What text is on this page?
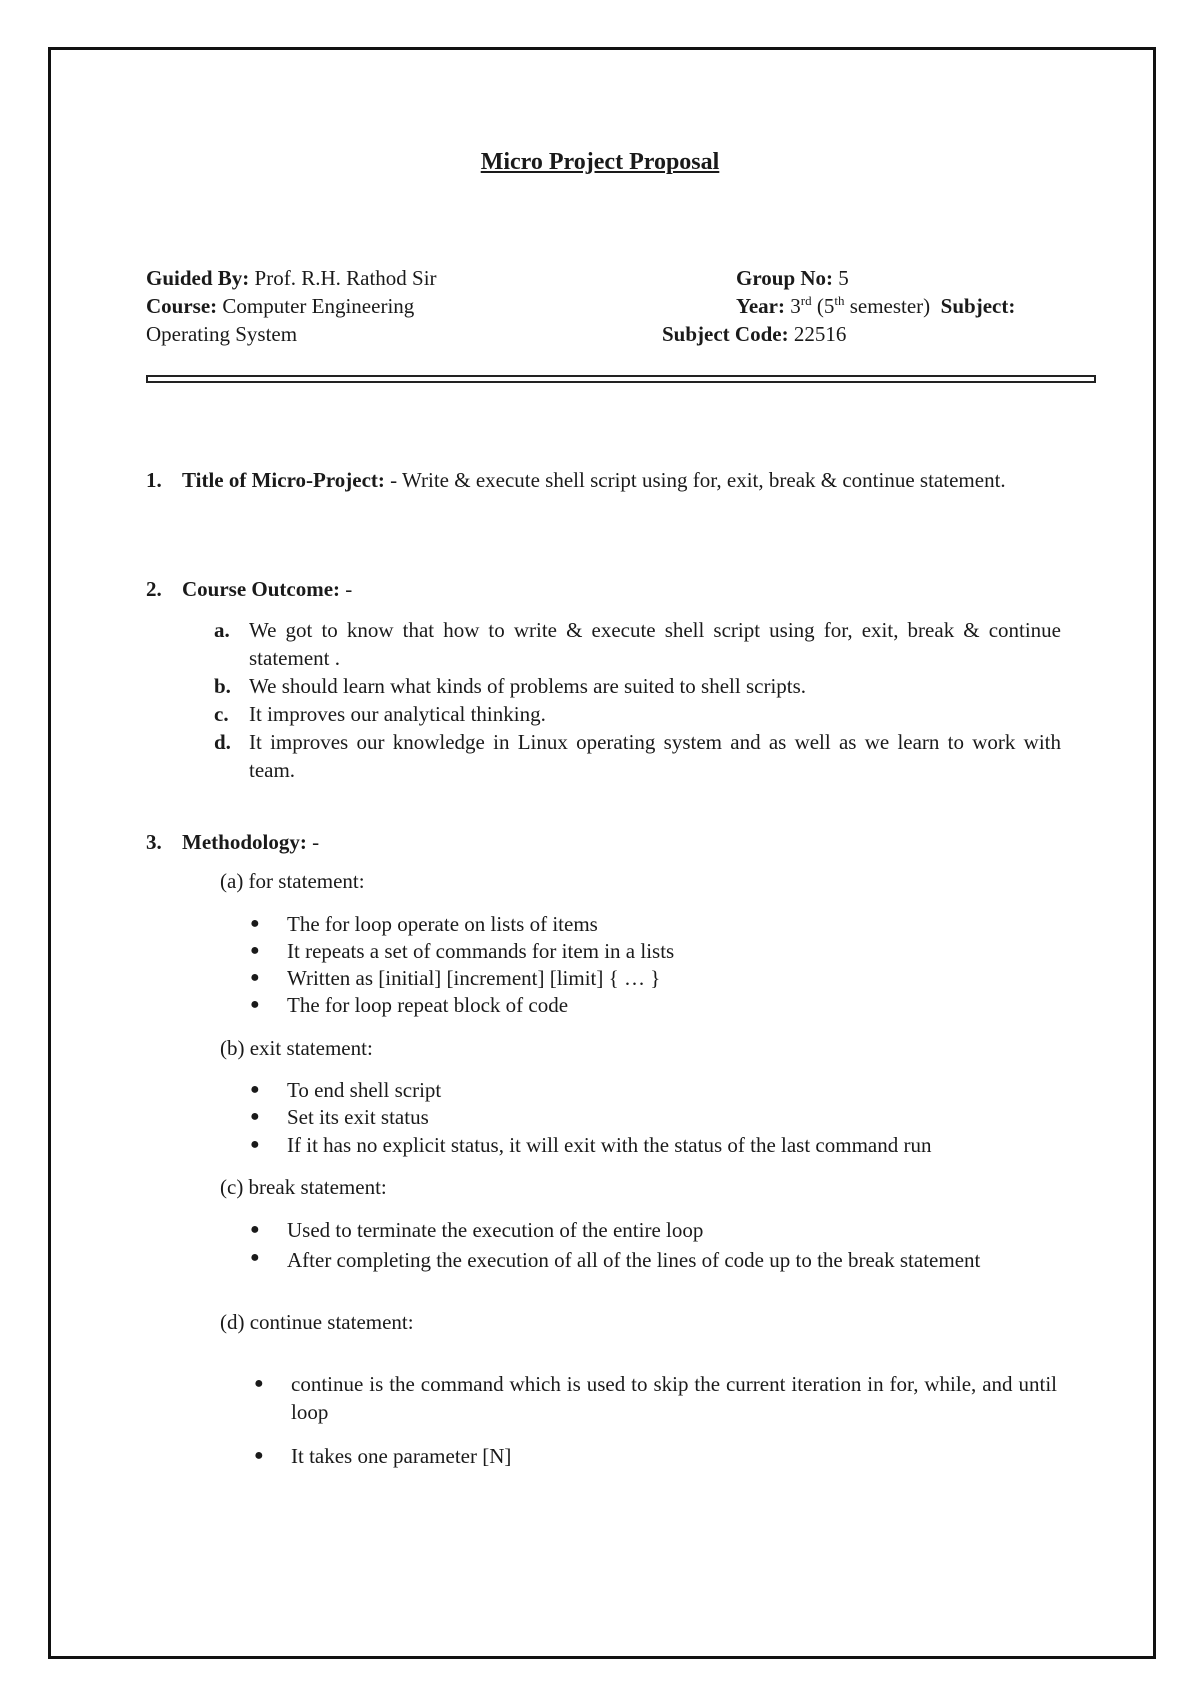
Micro Project Proposal
Guided By: Prof. R.H. Rathod Sir	Group No: 5
Course: Computer Engineering	Year: 3rd (5th semester) Subject:
Operating System	Subject Code: 22516
1. Title of Micro-Project: - Write & execute shell script using for, exit, break & continue statement.
2. Course Outcome: -
a. We got to know that how to write & execute shell script using for, exit, break & continue statement .
b. We should learn what kinds of problems are suited to shell scripts.
c. It improves our analytical thinking.
d. It improves our knowledge in Linux operating system and as well as we learn to work with team.
3. Methodology: -
(a) for statement:
● The for loop operate on lists of items
● It repeats a set of commands for item in a lists
● Written as [initial] [increment] [limit] { … }
● The for loop repeat block of code
(b) exit statement:
● To end shell script
● Set its exit status
● If it has no explicit status, it will exit with the status of the last command run
(c) break statement:
● Used to terminate the execution of the entire loop
● After completing the execution of all of the lines of code up to the break statement
(d) continue statement:
● continue is the command which is used to skip the current iteration in for, while, and until loop
● It takes one parameter [N]
